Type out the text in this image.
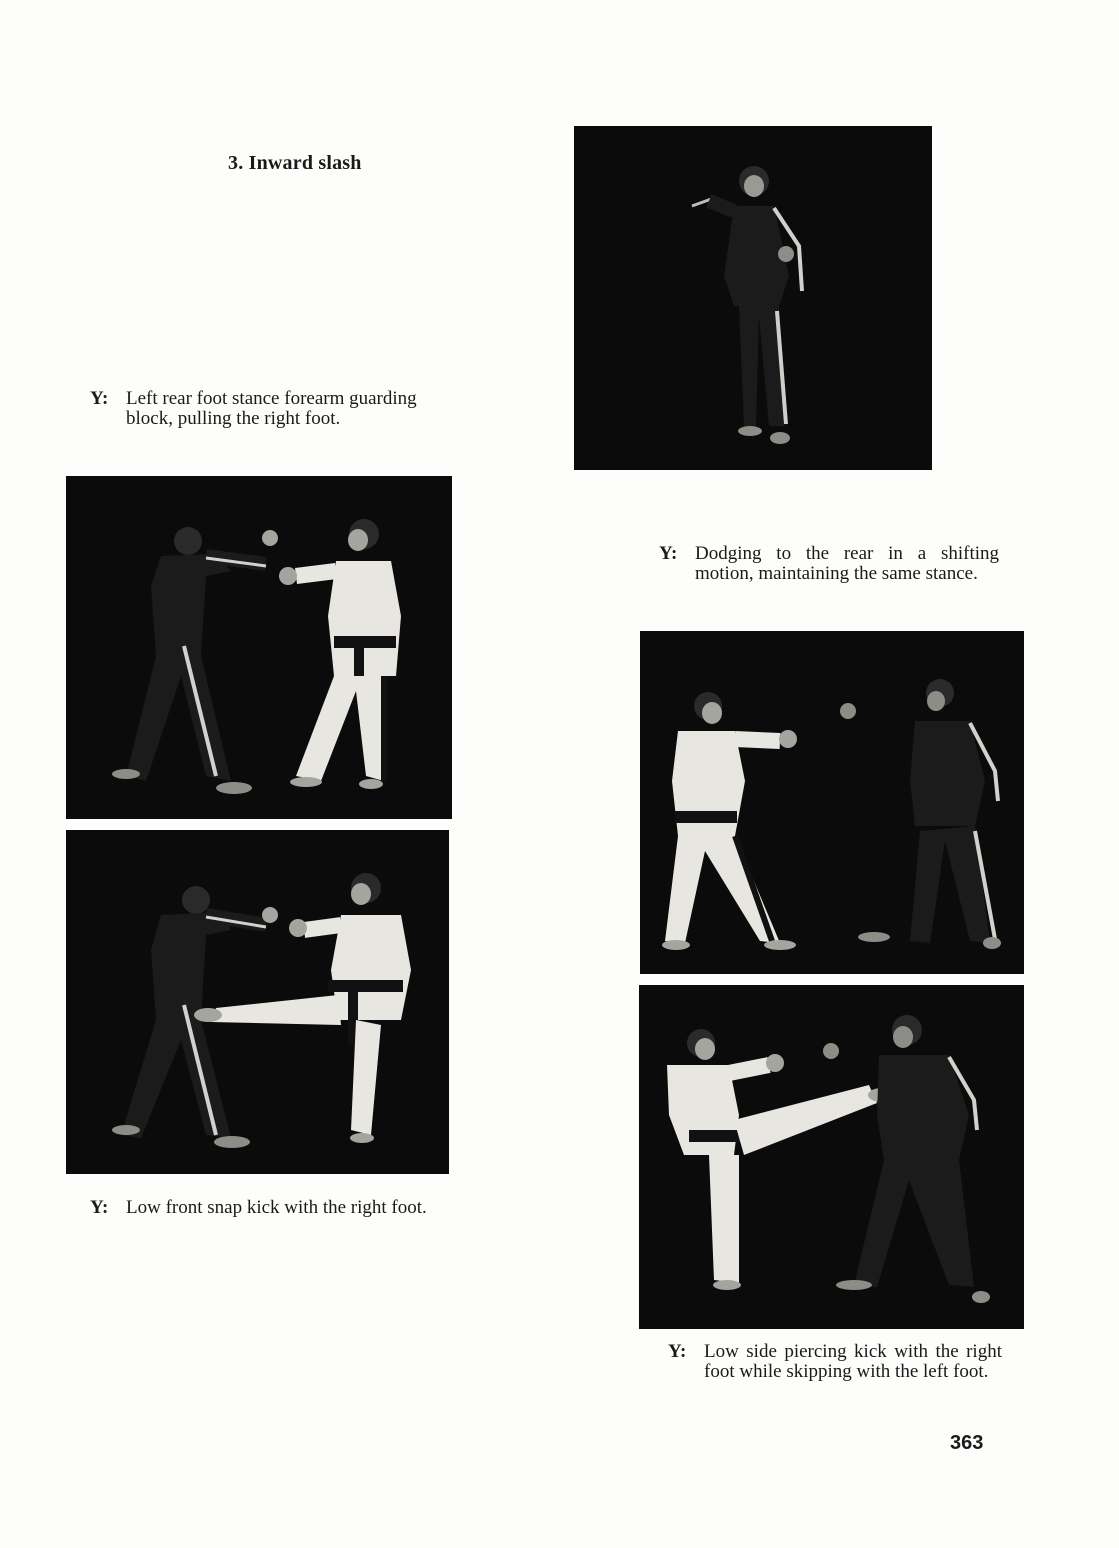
3. Inward slash
Y: Left rear foot stance forearm guarding block, pulling the right foot.
Y: Low front snap kick with the right foot.
Y: Dodging to the rear in a shifting motion, maintaining the same stance.
Y: Low side piercing kick with the right foot while skipping with the left foot.
363
